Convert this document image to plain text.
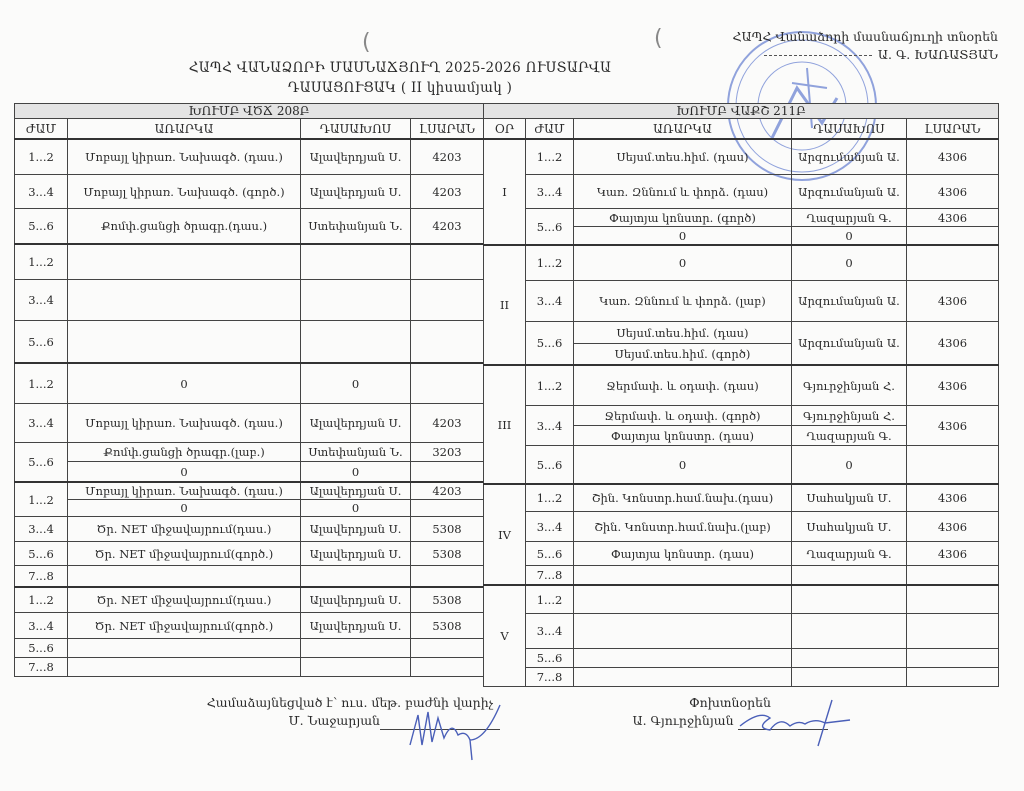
(	(
ՀԱՊՀ ՎԱՆԱՁՈՐԻ ՄԱՍՆԱՃՅՈՒՂ 2025-2026 ՈՒՍՏԱՐՎԱ
ԴԱՍԱՑՈՒՑԱԿ ( II կիսամյակ )
ՀԱՊՀ Վանաձորի մասնաճյուղի տնօրեն
Ա. Գ. ԽԱՌԱՏՅԱՆ
ԽՈՒՄԲ ՎԾՃ 208Բ			
ԺԱՄ	ԱՌԱՐԿԱ	ԴԱՍԱԽՈՍ	ԼՍԱՐԱՆ
1...2	Մոբայլ կիրառ. Նախագծ. (դաս.)	Ալավերդյան Ս.	4203
3...4	Մոբայլ կիրառ. Նախագծ. (գործ.)	Ալավերդյան Ս.	4203
5...6	Քոմփ.ցանցի ծրագր.(դաս.)	Ստեփանյան Ն.	4203
1...2			
3...4			
5...6			
1...2	0	0	
3...4	Մոբայլ կիրառ. Նախագծ. (դաս.)	Ալավերդյան Ս.	4203
5...6	Քոմփ.ցանցի ծրագր.(լաբ.)	Ստեփանյան Ն.	3203
	0	0	
1...2	Մոբայլ կիրառ. Նախագծ. (դաս.)	Ալավերդյան Ս.	4203
	0	0	
3...4	Ծր. NET միջավայրում(դաս.)	Ալավերդյան Ս.	5308
5...6	Ծր. NET միջավայրում(գործ.)	Ալավերդյան Ս.	5308
7...8			
1...2	Ծր. NET միջավայրում(դաս.)	Ալավերդյան Ս.	5308
3...4	Ծր. NET միջավայրում(գործ.)	Ալավերդյան Ս.	5308
5...6			
7...8			
ԽՈՒՄԲ ՎԱՔՇ 211Բ				
ՕՐ	ԺԱՄ	ԱՌԱՐԿԱ	ԴԱՍԱԽՈՍ	ԼՍԱՐԱՆ
I	1...2	Սեյսմ.տես.հիմ. (դաս)	Արզումանյան Ա.	4306
	3...4	Կառ. Զննում և փորձ. (դաս)	Արզումանյան Ա.	4306
	5...6	Փայտյա կոնստր. (գործ)	Ղազարյան Գ.	4306
		0	0	
II	1...2	0	0	
	3...4	Կառ. Զննում և փորձ. (լաբ)	Արզումանյան Ա.	4306
	5...6	Սեյսմ.տես.հիմ. (դաս)	Արզումանյան Ա.	4306
		Սեյսմ.տես.հիմ. (գործ)		
III	1...2	Ջերմափ. և օդափ. (դաս)	Գյուրջինյան Հ.	4306
	3...4	Ջերմափ. և օդափ. (գործ)	Գյուրջինյան Հ.	4306
		Փայտյա կոնստր. (դաս)	Ղազարյան Գ.	
	5...6	0	0	
IV	1...2	Շին. Կոնստր.համ.նախ.(դաս)	Սահակյան Մ.	4306
	3...4	Շին. Կոնստր.համ.նախ.(լաբ)	Սահակյան Մ.	4306
	5...6	Փայտյա կոնստր. (դաս)	Ղազարյան Գ.	4306
	7...8			
V	1...2			
	3...4			
	5...6			
	7...8			
Համաձայնեցված է՝ ուս. մեթ. բաժնի վարիչ
Մ. Նաջարյան
Փոխտնօրեն
Ա. Գյուրջինյան
